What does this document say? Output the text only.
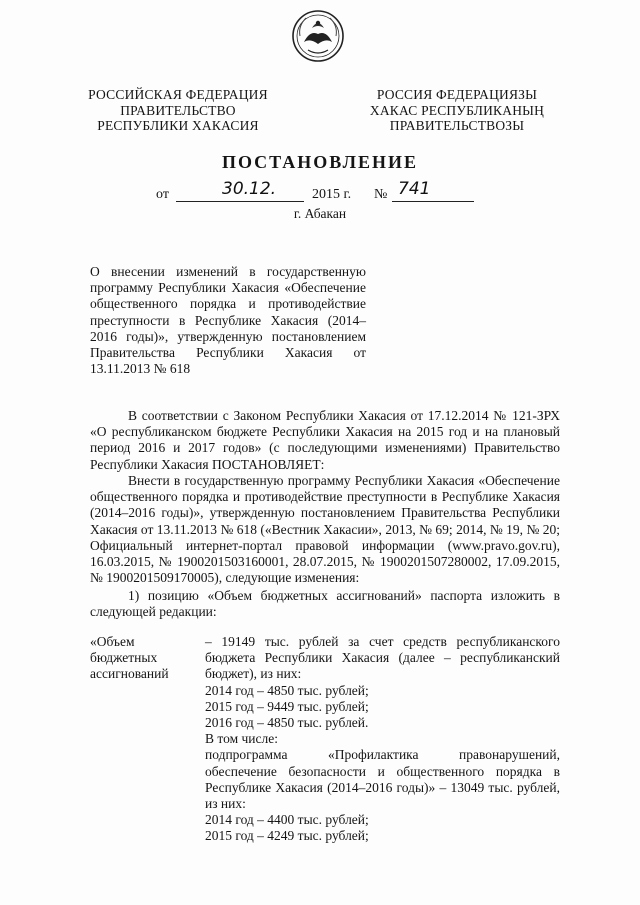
РОССИЙСКАЯ ФЕДЕРАЦИЯ
ПРАВИТЕЛЬСТВО
РЕСПУБЛИКИ ХАКАСИЯ
РОССИЯ ФЕДЕРАЦИЯЗЫ
ХАКАС РЕСПУБЛИКАНЫҢ
ПРАВИТЕЛЬСТВОЗЫ
ПОСТАНОВЛЕНИЕ
от	30.12.	2015 г. № 741
г. Абакан
О внесении изменений в государственную программу Республики Хакасия «Обеспечение общественного порядка и противодействие преступности в Республике Хакасия (2014–2016 годы)», утвержденную постановлением Правительства Республики Хакасия от 13.11.2013 № 618
В соответствии с Законом Республики Хакасия от 17.12.2014 № 121-ЗРХ «О республиканском бюджете Республики Хакасия на 2015 год и на плановый период 2016 и 2017 годов» (с последующими изменениями) Правительство Республики Хакасия ПОСТАНОВЛЯЕТ:
Внести в государственную программу Республики Хакасия «Обеспечение общественного порядка и противодействие преступности в Республике Хакасия (2014–2016 годы)», утвержденную постановлением Правительства Республики Хакасия от 13.11.2013 № 618 («Вестник Хакасии», 2013, № 69; 2014, № 19, № 20; Официальный интернет-портал правовой информации (www.pravo.gov.ru), 16.03.2015, № 1900201503160001, 28.07.2015, № 1900201507280002, 17.09.2015, № 1900201509170005), следующие изменения:
1) позицию «Объем бюджетных ассигнований» паспорта изложить в следующей редакции:
«Объем
бюджетных
ассигнований
– 19149 тыс. рублей за счет средств республиканского бюджета Республики Хакасия (далее – республиканский бюджет), из них:
2014 год – 4850 тыс. рублей;
2015 год – 9449 тыс. рублей;
2016 год – 4850 тыс. рублей.
В том числе:
подпрограмма «Профилактика правонарушений, обеспечение безопасности и общественного порядка в Республике Хакасия (2014–2016 годы)» – 13049 тыс. рублей, из них:
2014 год – 4400 тыс. рублей;
2015 год – 4249 тыс. рублей;
